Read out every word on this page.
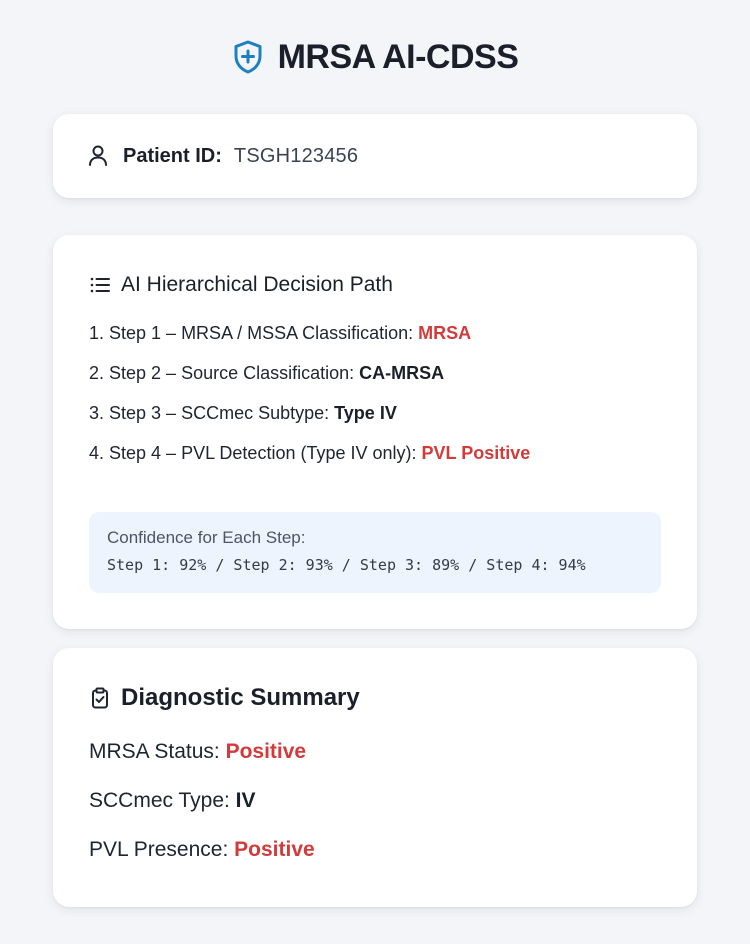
MRSA AI-CDSS
Patient ID: TSGH123456
AI Hierarchical Decision Path
1. Step 1 – MRSA / MSSA Classification: MRSA
2. Step 2 – Source Classification: CA-MRSA
3. Step 3 – SCCmec Subtype: Type IV
4. Step 4 – PVL Detection (Type IV only): PVL Positive
Confidence for Each Step:
Step 1: 92% / Step 2: 93% / Step 3: 89% / Step 4: 94%
Diagnostic Summary
MRSA Status: Positive
SCCmec Type: IV
PVL Presence: Positive
